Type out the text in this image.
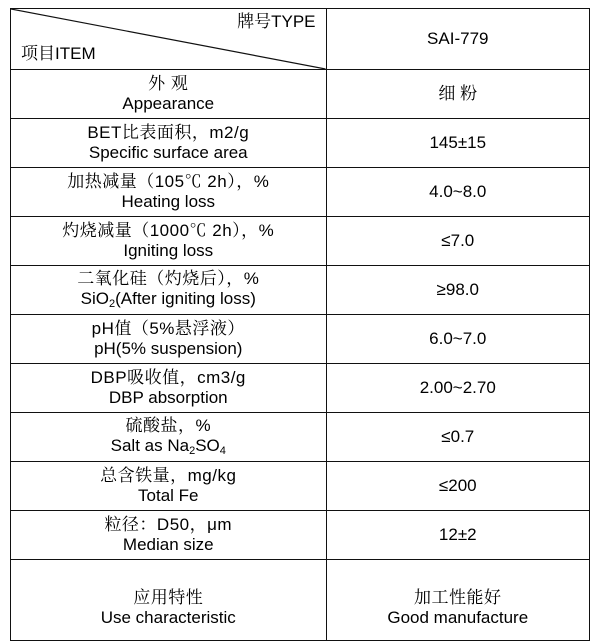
牌号TYPE
项目ITEM	SAI-779

外 观
Appearance	细 粉

BET比表面积，m2/g
Specific surface area	145±15

加热减量（105℃ 2h），%
Heating loss	4.0~8.0

灼烧减量（1000℃ 2h），%
Igniting loss	≤7.0

二氧化硅（灼烧后），%
SiO$_2$(After igniting loss)	≥98.0

pH值（5%悬浮液）
pH(5% suspension)	6.0~7.0

DBP吸收值，cm3/g
DBP absorption	2.00~2.70

硫酸盐，%
Salt as $Na_2SO_4$	≤0.7

总含铁量，mg/kg
Total Fe	≤200

粒径：D50，μm
Median size	12±2

应用特性
Use characteristic	加工性能好
Good manufacture
